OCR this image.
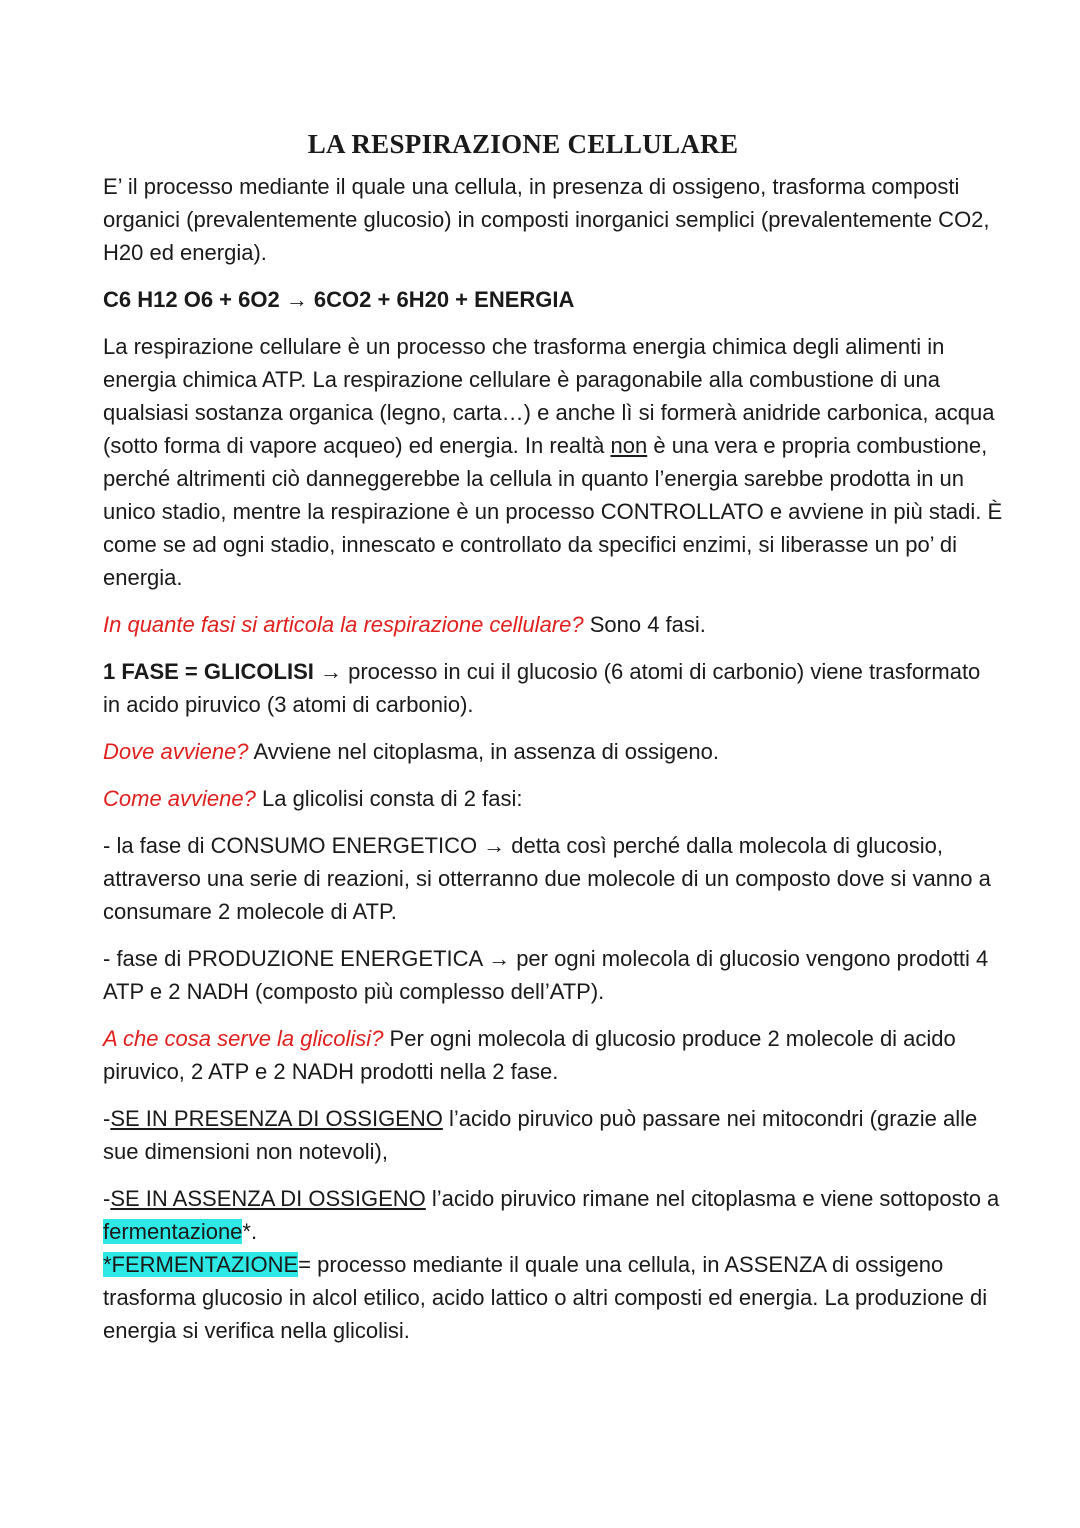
LA RESPIRAZIONE CELLULARE

E’ il processo mediante il quale una cellula, in presenza di ossigeno, trasforma composti organici (prevalentemente glucosio) in composti inorganici semplici (prevalentemente CO2, H20 ed energia).

C6 H12 O6 + 6O2 → 6CO2 + 6H20 + ENERGIA

La respirazione cellulare è un processo che trasforma energia chimica degli alimenti in energia chimica ATP. La respirazione cellulare è paragonabile alla combustione di una qualsiasi sostanza organica (legno, carta…) e anche lì si formerà anidride carbonica, acqua (sotto forma di vapore acqueo) ed energia. In realtà non è una vera e propria combustione, perché altrimenti ciò danneggerebbe la cellula in quanto l’energia sarebbe prodotta in un unico stadio, mentre la respirazione è un processo CONTROLLATO e avviene in più stadi. È come se ad ogni stadio, innescato e controllato da specifici enzimi, si liberasse un po’ di energia.

In quante fasi si articola la respirazione cellulare? Sono 4 fasi.

1 FASE = GLICOLISI → processo in cui il glucosio (6 atomi di carbonio) viene trasformato in acido piruvico (3 atomi di carbonio).

Dove avviene? Avviene nel citoplasma, in assenza di ossigeno.

Come avviene? La glicolisi consta di 2 fasi:

- la fase di CONSUMO ENERGETICO → detta così perché dalla molecola di glucosio, attraverso una serie di reazioni, si otterranno due molecole di un composto dove si vanno a consumare 2 molecole di ATP.

- fase di PRODUZIONE ENERGETICA → per ogni molecola di glucosio vengono prodotti 4 ATP e 2 NADH (composto più complesso dell’ATP).

A che cosa serve la glicolisi? Per ogni molecola di glucosio produce 2 molecole di acido piruvico, 2 ATP e 2 NADH prodotti nella 2 fase.

-SE IN PRESENZA DI OSSIGENO l’acido piruvico può passare nei mitocondri (grazie alle sue dimensioni non notevoli),

-SE IN ASSENZA DI OSSIGENO l’acido piruvico rimane nel citoplasma e viene sottoposto a fermentazione*.

*FERMENTAZIONE= processo mediante il quale una cellula, in ASSENZA di ossigeno trasforma glucosio in alcol etilico, acido lattico o altri composti ed energia. La produzione di energia si verifica nella glicolisi.
